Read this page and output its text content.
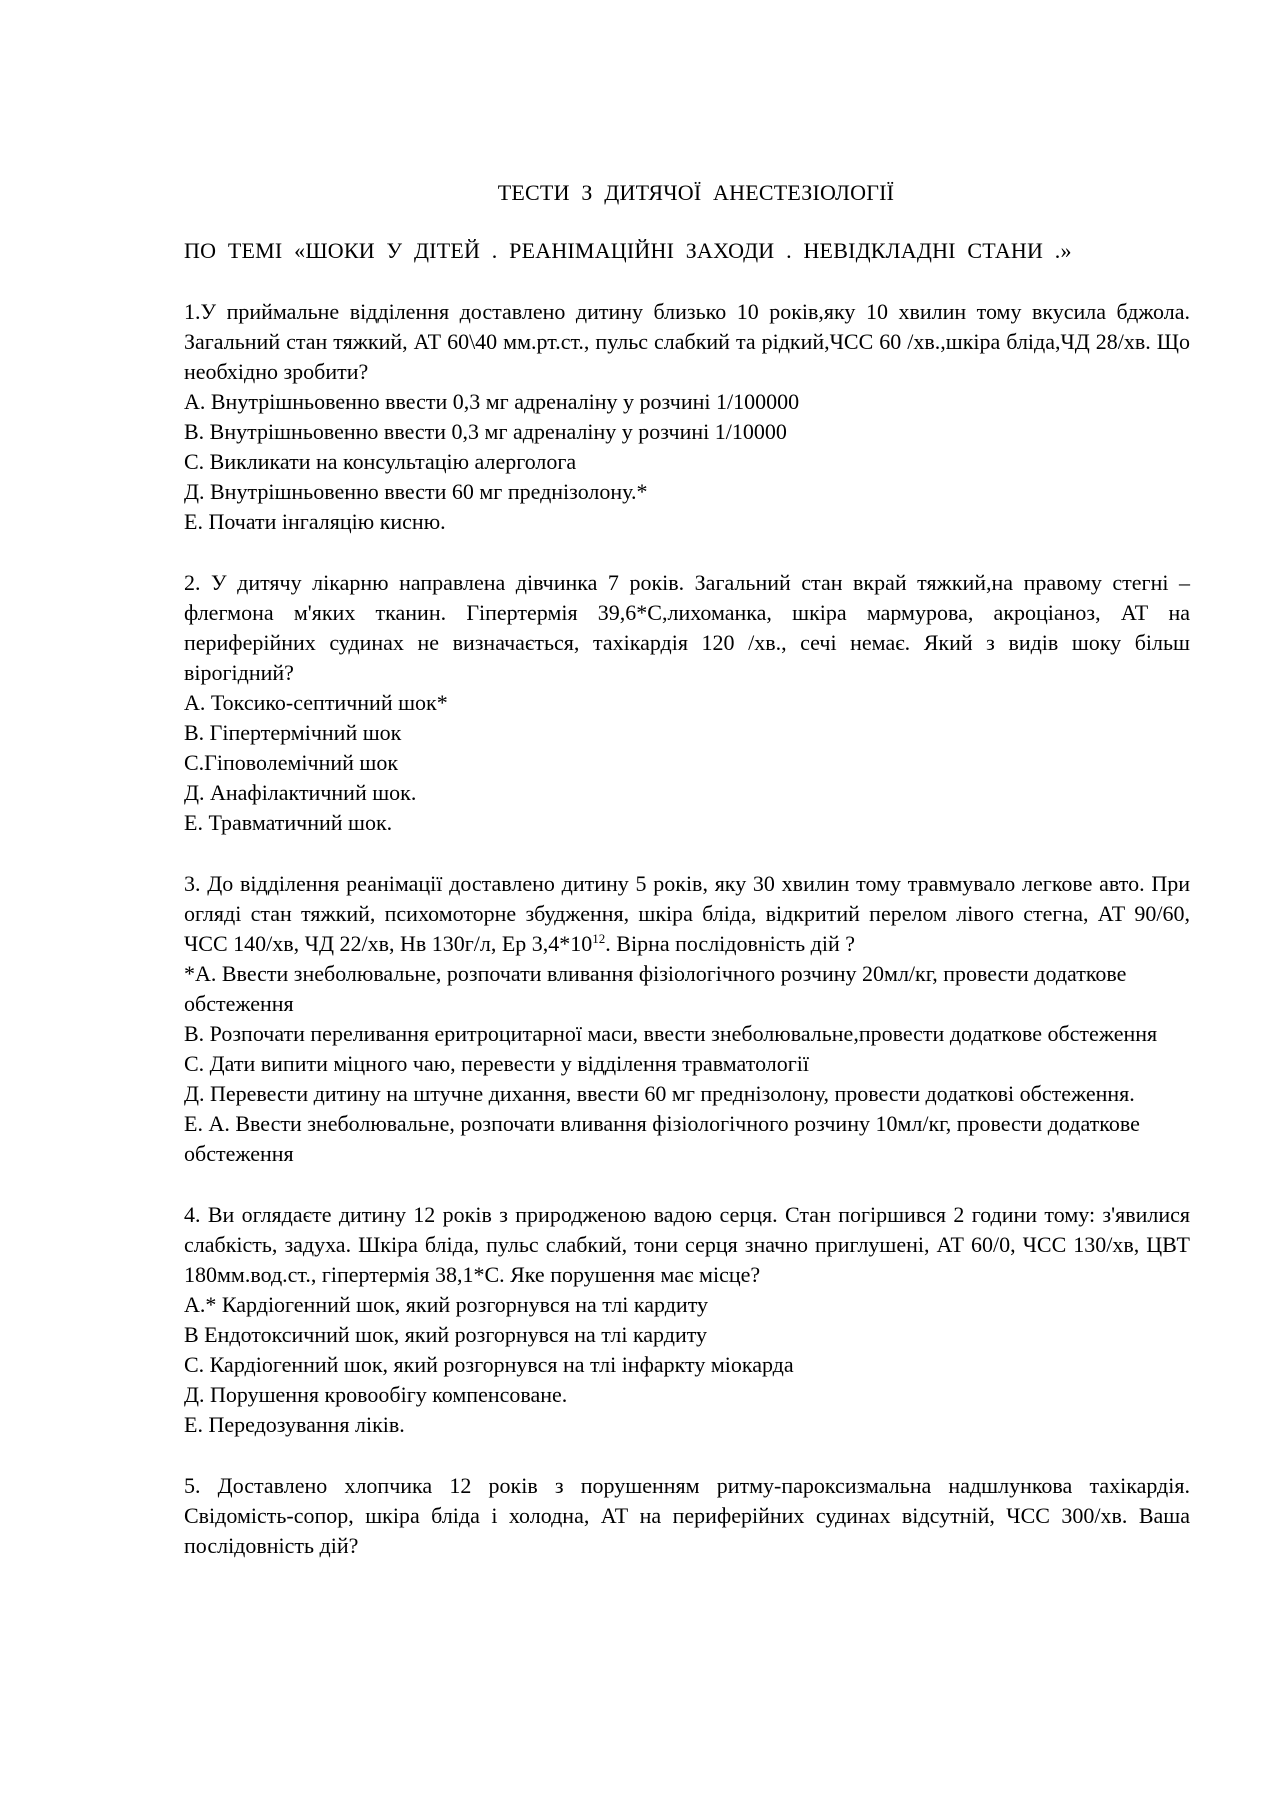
ТЕСТИ З ДИТЯЧОЇ АНЕСТЕЗІОЛОГІЇ

ПО ТЕМІ «ШОКИ У ДІТЕЙ . РЕАНІМАЦІЙНІ ЗАХОДИ . НЕВІДКЛАДНІ СТАНИ .»

1.У приймальне відділення доставлено дитину близько 10 років,яку 10 хвилин тому вкусила бджола. Загальний стан тяжкий, АТ 60\40 мм.рт.ст., пульс слабкий та рідкий,ЧСС 60 /хв.,шкіра бліда,ЧД 28/хв. Що необхідно зробити?

А. Внутрішньовенно ввести 0,3 мг адреналіну у розчині 1/100000
В. Внутрішньовенно ввести 0,3 мг адреналіну у розчині 1/10000
С. Викликати на консультацію алерголога
Д. Внутрішньовенно ввести 60 мг преднізолону.*
Е. Почати інгаляцію кисню.

2. У дитячу лікарню направлена дівчинка 7 років. Загальний стан вкрай тяжкий,на правому стегні – флегмона м'яких тканин. Гіпертермія 39,6*С,лихоманка, шкіра мармурова, акроціаноз, АТ на периферійних судинах не визначається, тахікардія 120 /хв., сечі немає. Який з видів шоку більш вірогідний?

А. Токсико-септичний шок*
В. Гіпертермічний шок
С.Гіповолемічний шок
Д. Анафілактичний шок.
Е. Травматичний шок.

3. До відділення реанімації доставлено дитину 5 років, яку 30 хвилин тому травмувало легкове авто. При огляді стан тяжкий, психомоторне збудження, шкіра бліда, відкритий перелом лівого стегна, АТ 90/60, ЧСС 140/хв, ЧД 22/хв, Нв 130г/л, Ер $3,4*10^{12}$. Вірна послідовність дій ?

*А. Ввести знеболювальне, розпочати вливання фізіологічного розчину 20мл/кг, провести додаткове обстеження
В. Розпочати переливання еритроцитарної маси, ввести знеболювальне,провести додаткове обстеження
С. Дати випити міцного чаю, перевести у відділення травматології
Д. Перевести дитину на штучне дихання, ввести 60 мг преднізолону, провести додаткові обстеження.
Е. А. Ввести знеболювальне, розпочати вливання фізіологічного розчину 10мл/кг, провести додаткове обстеження

4. Ви оглядаєте дитину 12 років з природженою вадою серця. Стан погіршився 2 години тому: з'явилися слабкість, задуха. Шкіра бліда, пульс слабкий, тони серця значно приглушені, АТ 60/0, ЧСС 130/хв, ЦВТ 180мм.вод.ст., гіпертермія 38,1*С. Яке порушення має місце?

А.* Кардіогенний шок, який розгорнувся на тлі кардиту
В Ендотоксичний шок, який розгорнувся на тлі кардиту
С. Кардіогенний шок, який розгорнувся на тлі інфаркту міокарда
Д. Порушення кровообігу компенсоване.
Е. Передозування ліків.

5. Доставлено хлопчика 12 років з порушенням ритму-пароксизмальна надшлункова тахікардія. Свідомість-сопор, шкіра бліда і холодна, АТ на периферійних судинах відсутній, ЧСС 300/хв. Ваша послідовність дій?
